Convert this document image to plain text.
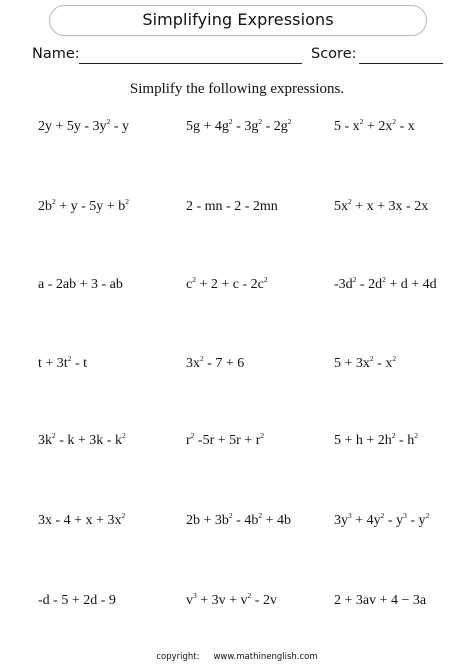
Simplifying Expressions
Name:	Score:
Simplify the following expressions.
$2y + 5y - 3y^2 - y$	$5g + 4g^2 - 3g^2 - 2g^2$	$5 - x^2 + 2x^2 - x$
$2b^2 + y - 5y + b^2$	2 - mn - 2 - 2mn	$5x^2 + x + 3x - 2x$
a - 2ab + 3 - ab	$c^2 + 2 + c - 2c^2$	$-3d^2 - 2d^2 + d + 4d$
$t + 3t^2 - t$	$3x^2 - 7 + 6$	$5 + 3x^2 - x^2$
$3k^2 - k + 3k - k^2$	$r^2$ $-5r + 5r + r^2$	$5 + h + 2h^2 - h^2$
$3x - 4 + x + 3x^2$	$2b + 3b^2 - 4b^2 + 4b$	$3y^3 + 4y^2 - y^3 - y^2$
-d - 5 + 2d - 9	$v^3 + 3v + v^2 - 2v$	2 + 3av + 4 − 3a
copyright: www.mathinenglish.com
